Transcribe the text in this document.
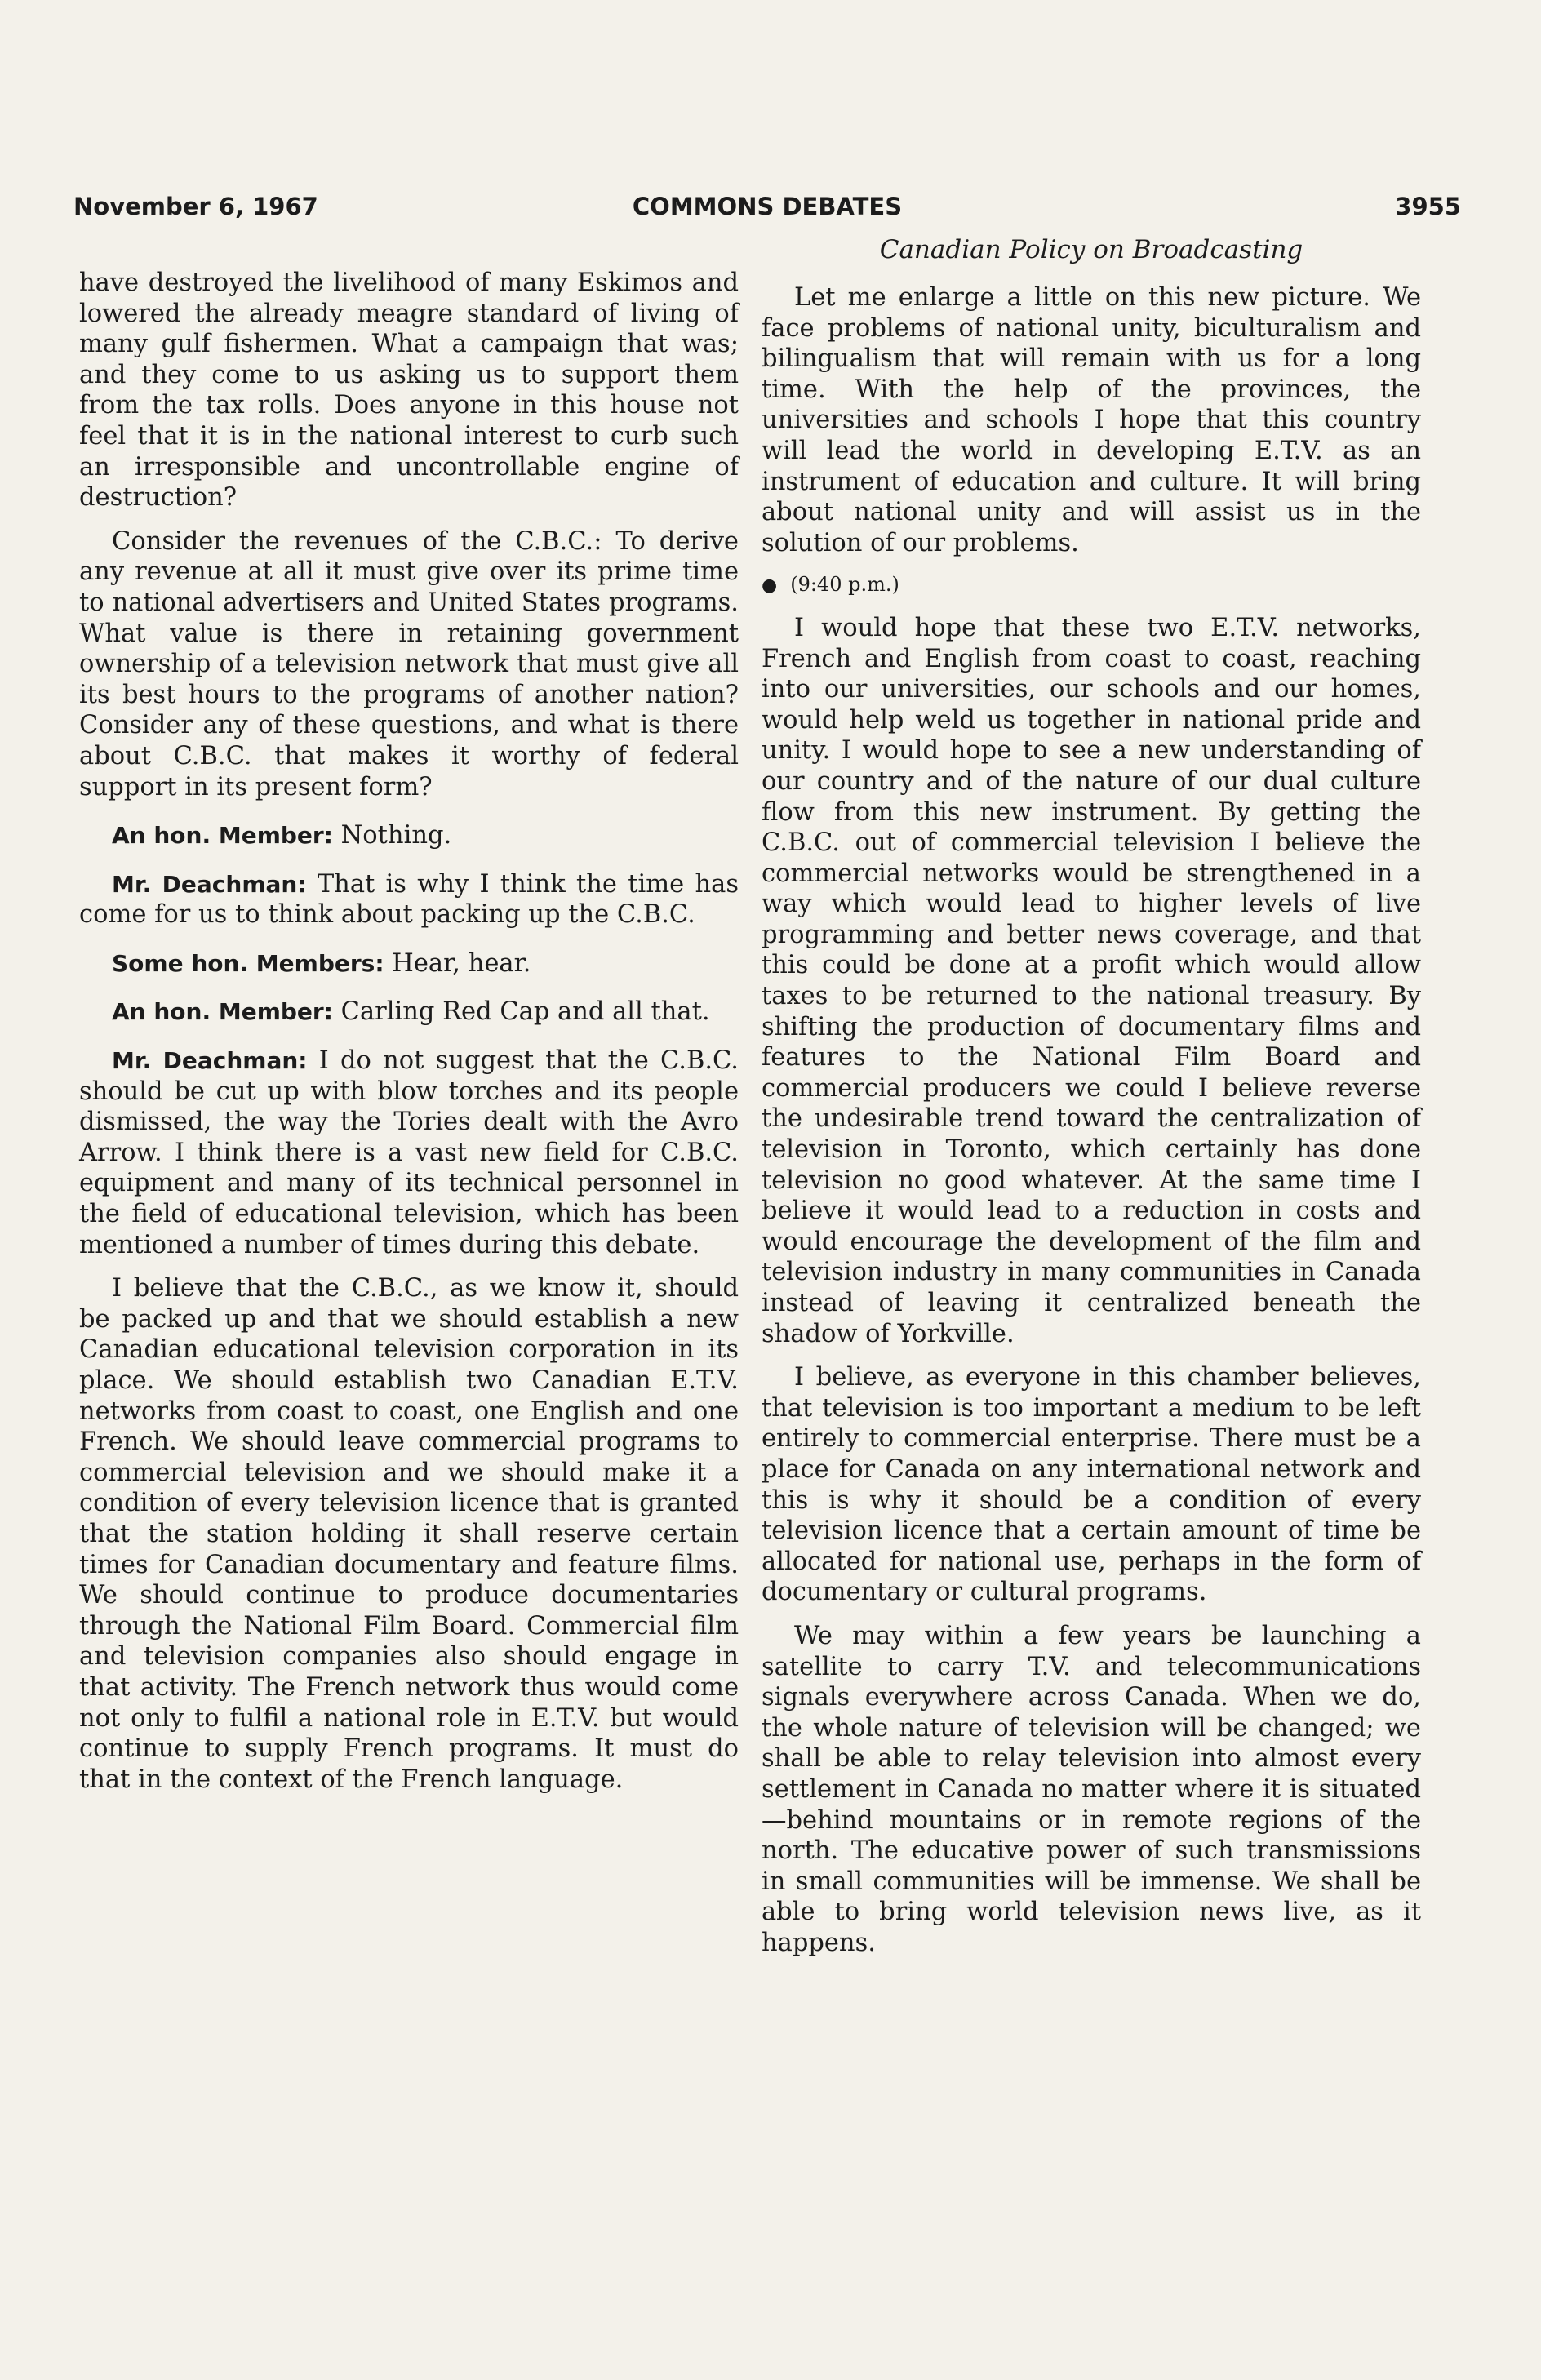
November 6, 1967	COMMONS DEBATES	3955
Canadian Policy on Broadcasting

have destroyed the livelihood of many Eskimos and lowered the already meagre standard of living of many gulf fishermen. What a campaign that was; and they come to us asking us to support them from the tax rolls. Does anyone in this house not feel that it is in the national interest to curb such an irresponsible and uncontrollable engine of destruction?

Consider the revenues of the C.B.C.: To derive any revenue at all it must give over its prime time to national advertisers and United States programs. What value is there in retaining government ownership of a television network that must give all its best hours to the programs of another nation? Consider any of these questions, and what is there about C.B.C. that makes it worthy of federal support in its present form?

An hon. Member: Nothing.

Mr. Deachman: That is why I think the time has come for us to think about packing up the C.B.C.

Some hon. Members: Hear, hear.

An hon. Member: Carling Red Cap and all that.

Mr. Deachman: I do not suggest that the C.B.C. should be cut up with blow torches and its people dismissed, the way the Tories dealt with the Avro Arrow. I think there is a vast new field for C.B.C. equipment and many of its technical personnel in the field of educational television, which has been mentioned a number of times during this debate.

I believe that the C.B.C., as we know it, should be packed up and that we should establish a new Canadian educational television corporation in its place. We should establish two Canadian E.T.V. networks from coast to coast, one English and one French. We should leave commercial programs to commercial television and we should make it a condition of every television licence that is granted that the station holding it shall reserve certain times for Canadian documentary and feature films. We should continue to produce documentaries through the National Film Board. Commercial film and television companies also should engage in that activity. The French network thus would come not only to fulfil a national role in E.T.V. but would continue to supply French programs. It must do that in the context of the French language.

Let me enlarge a little on this new picture. We face problems of national unity, biculturalism and bilingualism that will remain with us for a long time. With the help of the provinces, the universities and schools I hope that this country will lead the world in developing E.T.V. as an instrument of education and culture. It will bring about national unity and will assist us in the solution of our problems.

● (9:40 p.m.)

I would hope that these two E.T.V. networks, French and English from coast to coast, reaching into our universities, our schools and our homes, would help weld us together in national pride and unity. I would hope to see a new understanding of our country and of the nature of our dual culture flow from this new instrument. By getting the C.B.C. out of commercial television I believe the commercial networks would be strengthened in a way which would lead to higher levels of live programming and better news coverage, and that this could be done at a profit which would allow taxes to be returned to the national treasury. By shifting the production of documentary films and features to the National Film Board and commercial producers we could I believe reverse the undesirable trend toward the centralization of television in Toronto, which certainly has done television no good whatever. At the same time I believe it would lead to a reduction in costs and would encourage the development of the film and television industry in many communities in Canada instead of leaving it centralized beneath the shadow of Yorkville.

I believe, as everyone in this chamber believes, that television is too important a medium to be left entirely to commercial enterprise. There must be a place for Canada on any international network and this is why it should be a condition of every television licence that a certain amount of time be allocated for national use, perhaps in the form of documentary or cultural programs.

We may within a few years be launching a satellite to carry T.V. and telecommunications signals everywhere across Canada. When we do, the whole nature of television will be changed; we shall be able to relay television into almost every settlement in Canada no matter where it is situated—behind mountains or in remote regions of the north. The educative power of such transmissions in small communities will be immense. We shall be able to bring world television news live, as it happens.
